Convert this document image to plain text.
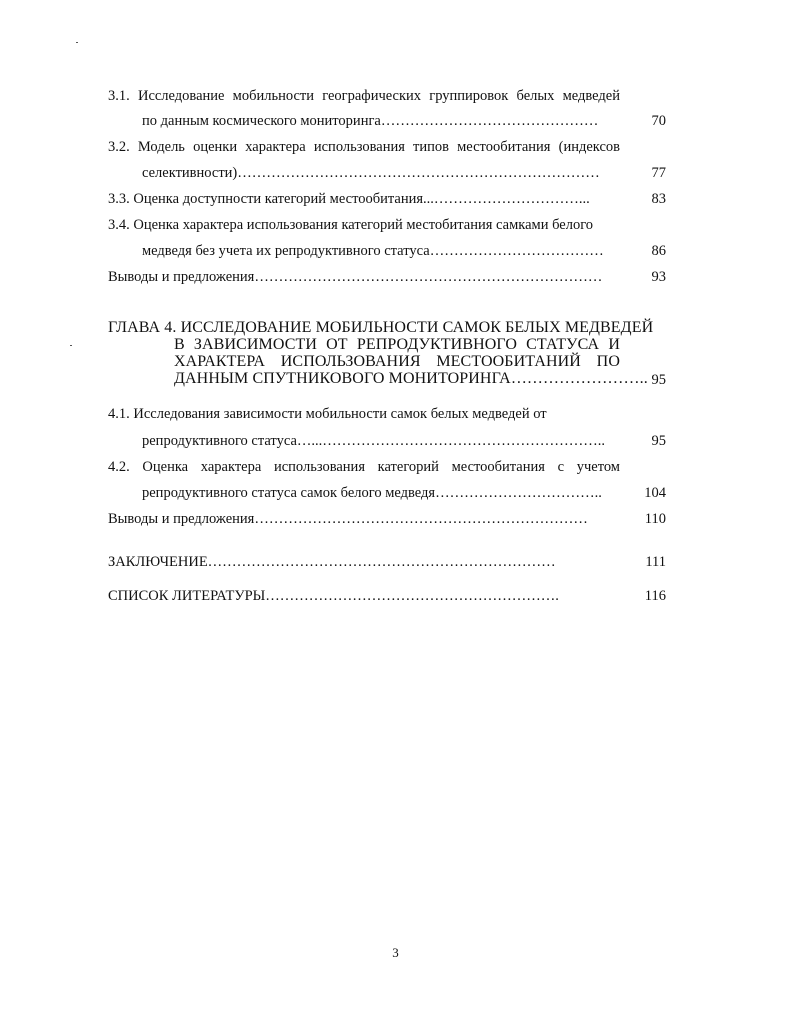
3.1. Исследование мобильности географических группировок белых медведей
по данным космического мониторинга………………………………………	70
3.2. Модель оценки характера использования типов местообитания (индексов
селективности)…………………………………………………………………	77
3.3. Оценка доступности категорий местообитания...…………………………...	83
3.4. Оценка характера использования категорий местобитания самками белого
медведя без учета их репродуктивного статуса………………………………	86
Выводы и предложения………………………………………………………………	93
ГЛАВА 4. ИССЛЕДОВАНИЕ МОБИЛЬНОСТИ САМОК БЕЛЫХ МЕДВЕДЕЙ
В ЗАВИСИМОСТИ ОТ РЕПРОДУКТИВНОГО СТАТУСА И
ХАРАКТЕРА ИСПОЛЬЗОВАНИЯ МЕСТООБИТАНИЙ ПО
ДАННЫМ СПУТНИКОВОГО МОНИТОРИНГА…………………….. 95
4.1. Исследования зависимости мобильности самок белых медведей от
репродуктивного статуса…...…………………………………………………..	95
4.2. Оценка характера использования категорий местообитания с учетом
репродуктивного статуса самок белого медведя……………………………..	104
Выводы и предложения……………………………………………………………	110
ЗАКЛЮЧЕНИЕ………………………………………………………………	111
СПИСОК ЛИТЕРАТУРЫ…………………………………………………….	116
3
